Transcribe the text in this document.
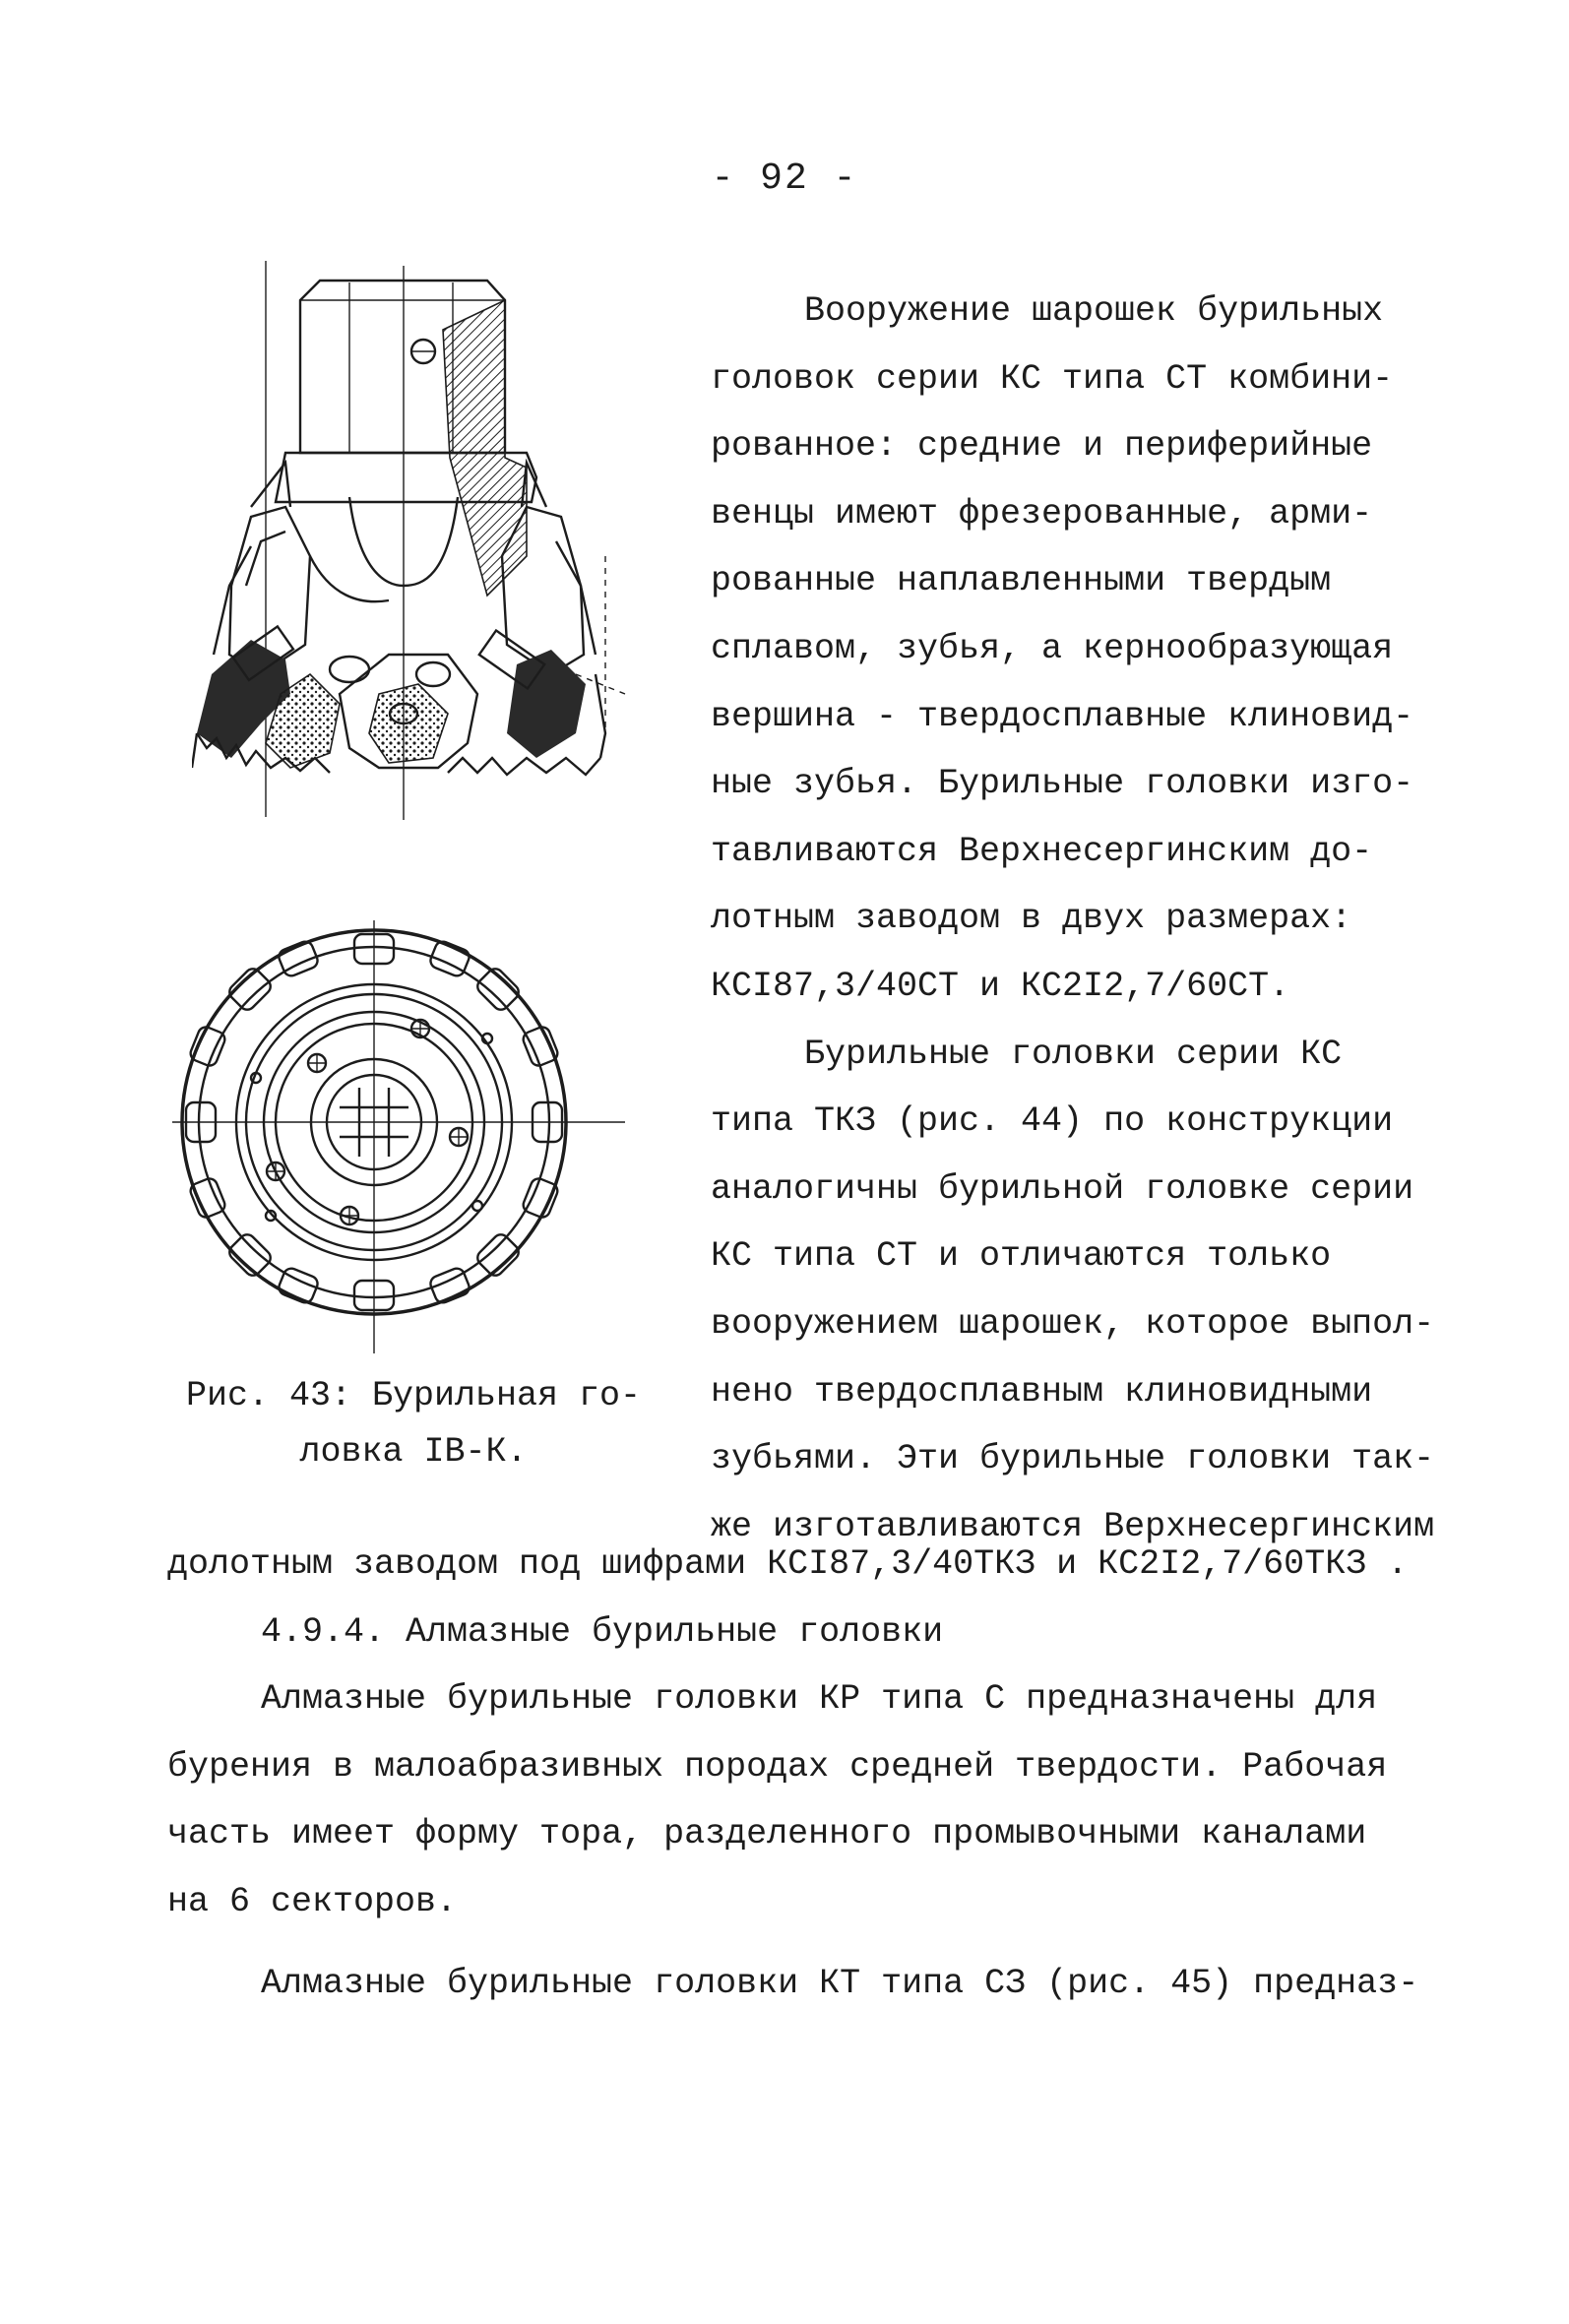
- 92 -
Рис. 43: Бурильная го-
ловка IВ-К.

Вооружение шарошек бурильных

головок серии КС типа СТ комбини-

рованное: средние и периферийные

венцы имеют фрезерованные, арми-

рованные наплавленными твердым

сплавом, зубья, а кернообразующая

вершина - твердосплавные клиновид-

ные зубья. Бурильные головки изго-

тавливаются Верхнесергинским до-

лотным заводом в двух размерах:

КСI87,3/40СТ и КС2I2,7/60СТ.

Бурильные головки серии КС

типа ТКЗ (рис. 44) по конструкции

аналогичны бурильной головке серии

КС типа СТ и отличаются только

вооружением шарошек, которое выпол-

нено твердосплавным клиновидными

зубьями. Эти бурильные головки так-

же изготавливаются Верхнесергинским

долотным заводом под шифрами КСI87,3/40ТКЗ и КС2I2,7/60ТКЗ .

4.9.4. Алмазные бурильные головки

Алмазные бурильные головки КР типа С предназначены для

бурения в малоабразивных породах средней твердости. Рабочая

часть имеет форму тора, разделенного промывочными каналами

на 6 секторов.

Алмазные бурильные головки КТ типа СЗ (рис. 45) предназ-
